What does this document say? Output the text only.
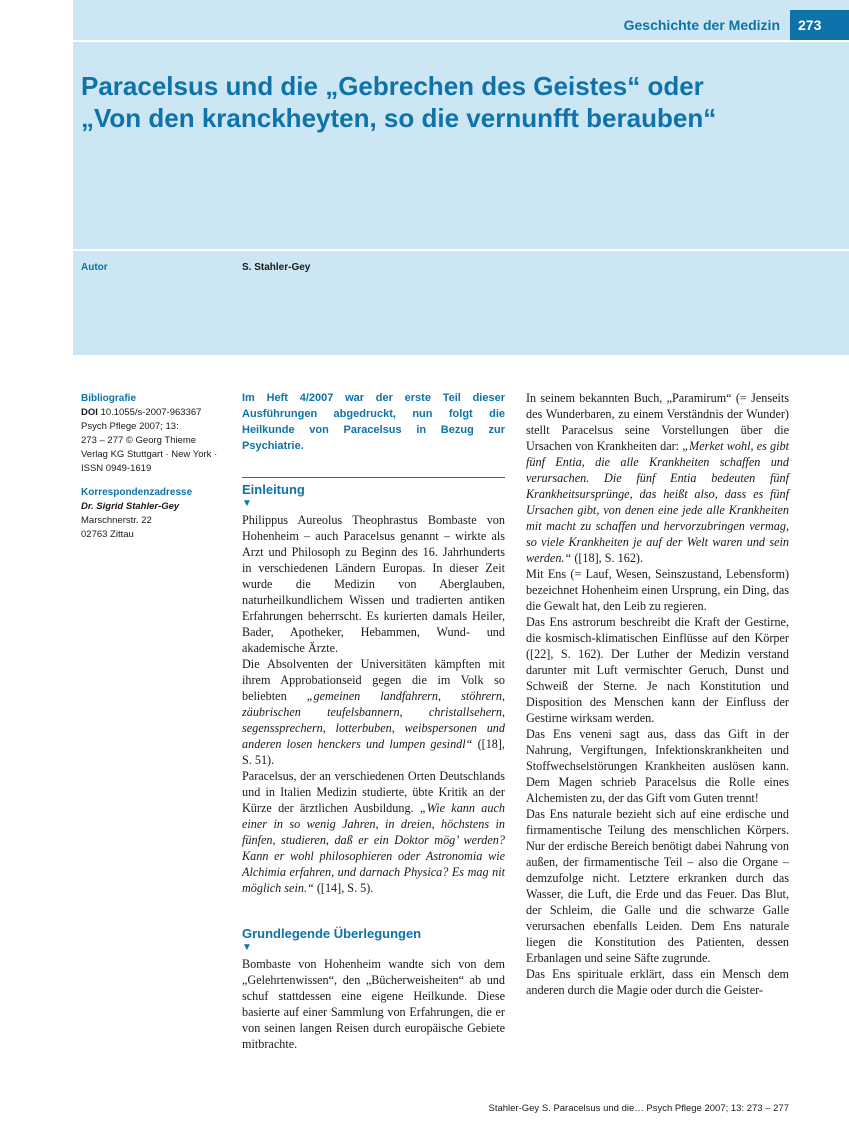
Geschichte der Medizin	273
Paracelsus und die „Gebrechen des Geistes“ oder
„Von den kranckheyten, so die vernunfft berauben“
Autor	S. Stahler-Gey
Bibliografie
DOI 10.1055/s-2007-963367
Psych Pflege 2007; 13:
273 – 277 © Georg Thieme
Verlag KG Stuttgart · New York ·
ISSN 0949-1619
Korrespondenzadresse
Dr. Sigrid Stahler-Gey
Marschnerstr. 22
02763 Zittau

Im Heft 4/2007 war der erste Teil dieser Ausführungen abgedruckt, nun folgt die Heilkunde von Paracelsus in Bezug zur Psychiatrie.

Einleitung
▼

Philippus Aureolus Theophrastus Bombaste von Hohenheim – auch Paracelsus genannt – wirkte als Arzt und Philosoph zu Beginn des 16. Jahrhunderts in verschiedenen Ländern Europas. In dieser Zeit wurde die Medizin von Aberglauben, naturheilkundlichem Wissen und tradierten antiken Erfahrungen beherrscht. Es kurierten damals Heiler, Bader, Apotheker, Hebammen, Wund- und akademische Ärzte.

Die Absolventen der Universitäten kämpften mit ihrem Approbationseid gegen die im Volk so beliebten „gemeinen landfahrern, stöhrern, zäubrischen teufelsbannern, christallsehern, segenssprechern, lotterbuben, weibspersonen und anderen losen henckers und lumpen gesindl“ ([18], S. 51).

Paracelsus, der an verschiedenen Orten Deutschlands und in Italien Medizin studierte, übte Kritik an der Kürze der ärztlichen Ausbildung. „Wie kann auch einer in so wenig Jahren, in dreien, höchstens in fünfen, studieren, daß er ein Doktor mög’ werden? Kann er wohl philosophieren oder Astronomia wie Alchimia erfahren, und darnach Physica? Es mag nit möglich sein.“ ([14], S. 5).

Grundlegende Überlegungen
▼

Bombaste von Hohenheim wandte sich von dem „Gelehrtenwissen“, den „Bücherweisheiten“ ab und schuf stattdessen eine eigene Heilkunde. Diese basierte auf einer Sammlung von Erfahrungen, die er von seinen langen Reisen durch europäische Gebiete mitbrachte.

In seinem bekannten Buch, „Paramirum“ (= Jenseits des Wunderbaren, zu einem Verständnis der Wunder) stellt Paracelsus seine Vorstellungen über die Ursachen von Krankheiten dar: „Merket wohl, es gibt fünf Entia, die alle Krankheiten schaffen und verursachen. Die fünf Entia bedeuten fünf Krankheitsursprünge, das heißt also, dass es fünf Ursachen gibt, von denen eine jede alle Krankheiten mit macht zu schaffen und hervorzubringen vermag, so viele Krankheiten je auf der Welt waren und sein werden.“ ([18], S. 162).

Mit Ens (= Lauf, Wesen, Seinszustand, Lebensform) bezeichnet Hohenheim einen Ursprung, ein Ding, das die Gewalt hat, den Leib zu regieren.

Das Ens astrorum beschreibt die Kraft der Gestirne, die kosmisch-klimatischen Einflüsse auf den Körper ([22], S. 162). Der Luther der Medizin verstand darunter mit Luft vermischter Geruch, Dunst und Schweiß der Sterne. Je nach Konstitution und Disposition des Menschen kann der Einfluss der Gestirne wirksam werden.

Das Ens veneni sagt aus, dass das Gift in der Nahrung, Vergiftungen, Infektionskrankheiten und Stoffwechselstörungen Krankheiten auslösen kann. Dem Magen schrieb Paracelsus die Rolle eines Alchemisten zu, der das Gift vom Guten trennt!

Das Ens naturale bezieht sich auf eine erdische und firmamentische Teilung des menschlichen Körpers. Nur der erdische Bereich benötigt dabei Nahrung von außen, der firmamentische Teil – also die Organe – demzufolge nicht. Letztere erkranken durch das Wasser, die Luft, die Erde und das Feuer. Das Blut, der Schleim, die Galle und die schwarze Galle verursachen ebenfalls Leiden. Dem Ens naturale liegen die Konstitution des Patienten, dessen Erbanlagen und seine Säfte zugrunde.

Das Ens spirituale erklärt, dass ein Mensch dem anderen durch die Magie oder durch die Geister-

Stahler-Gey S. Paracelsus und die… Psych Pflege 2007; 13: 273 – 277
